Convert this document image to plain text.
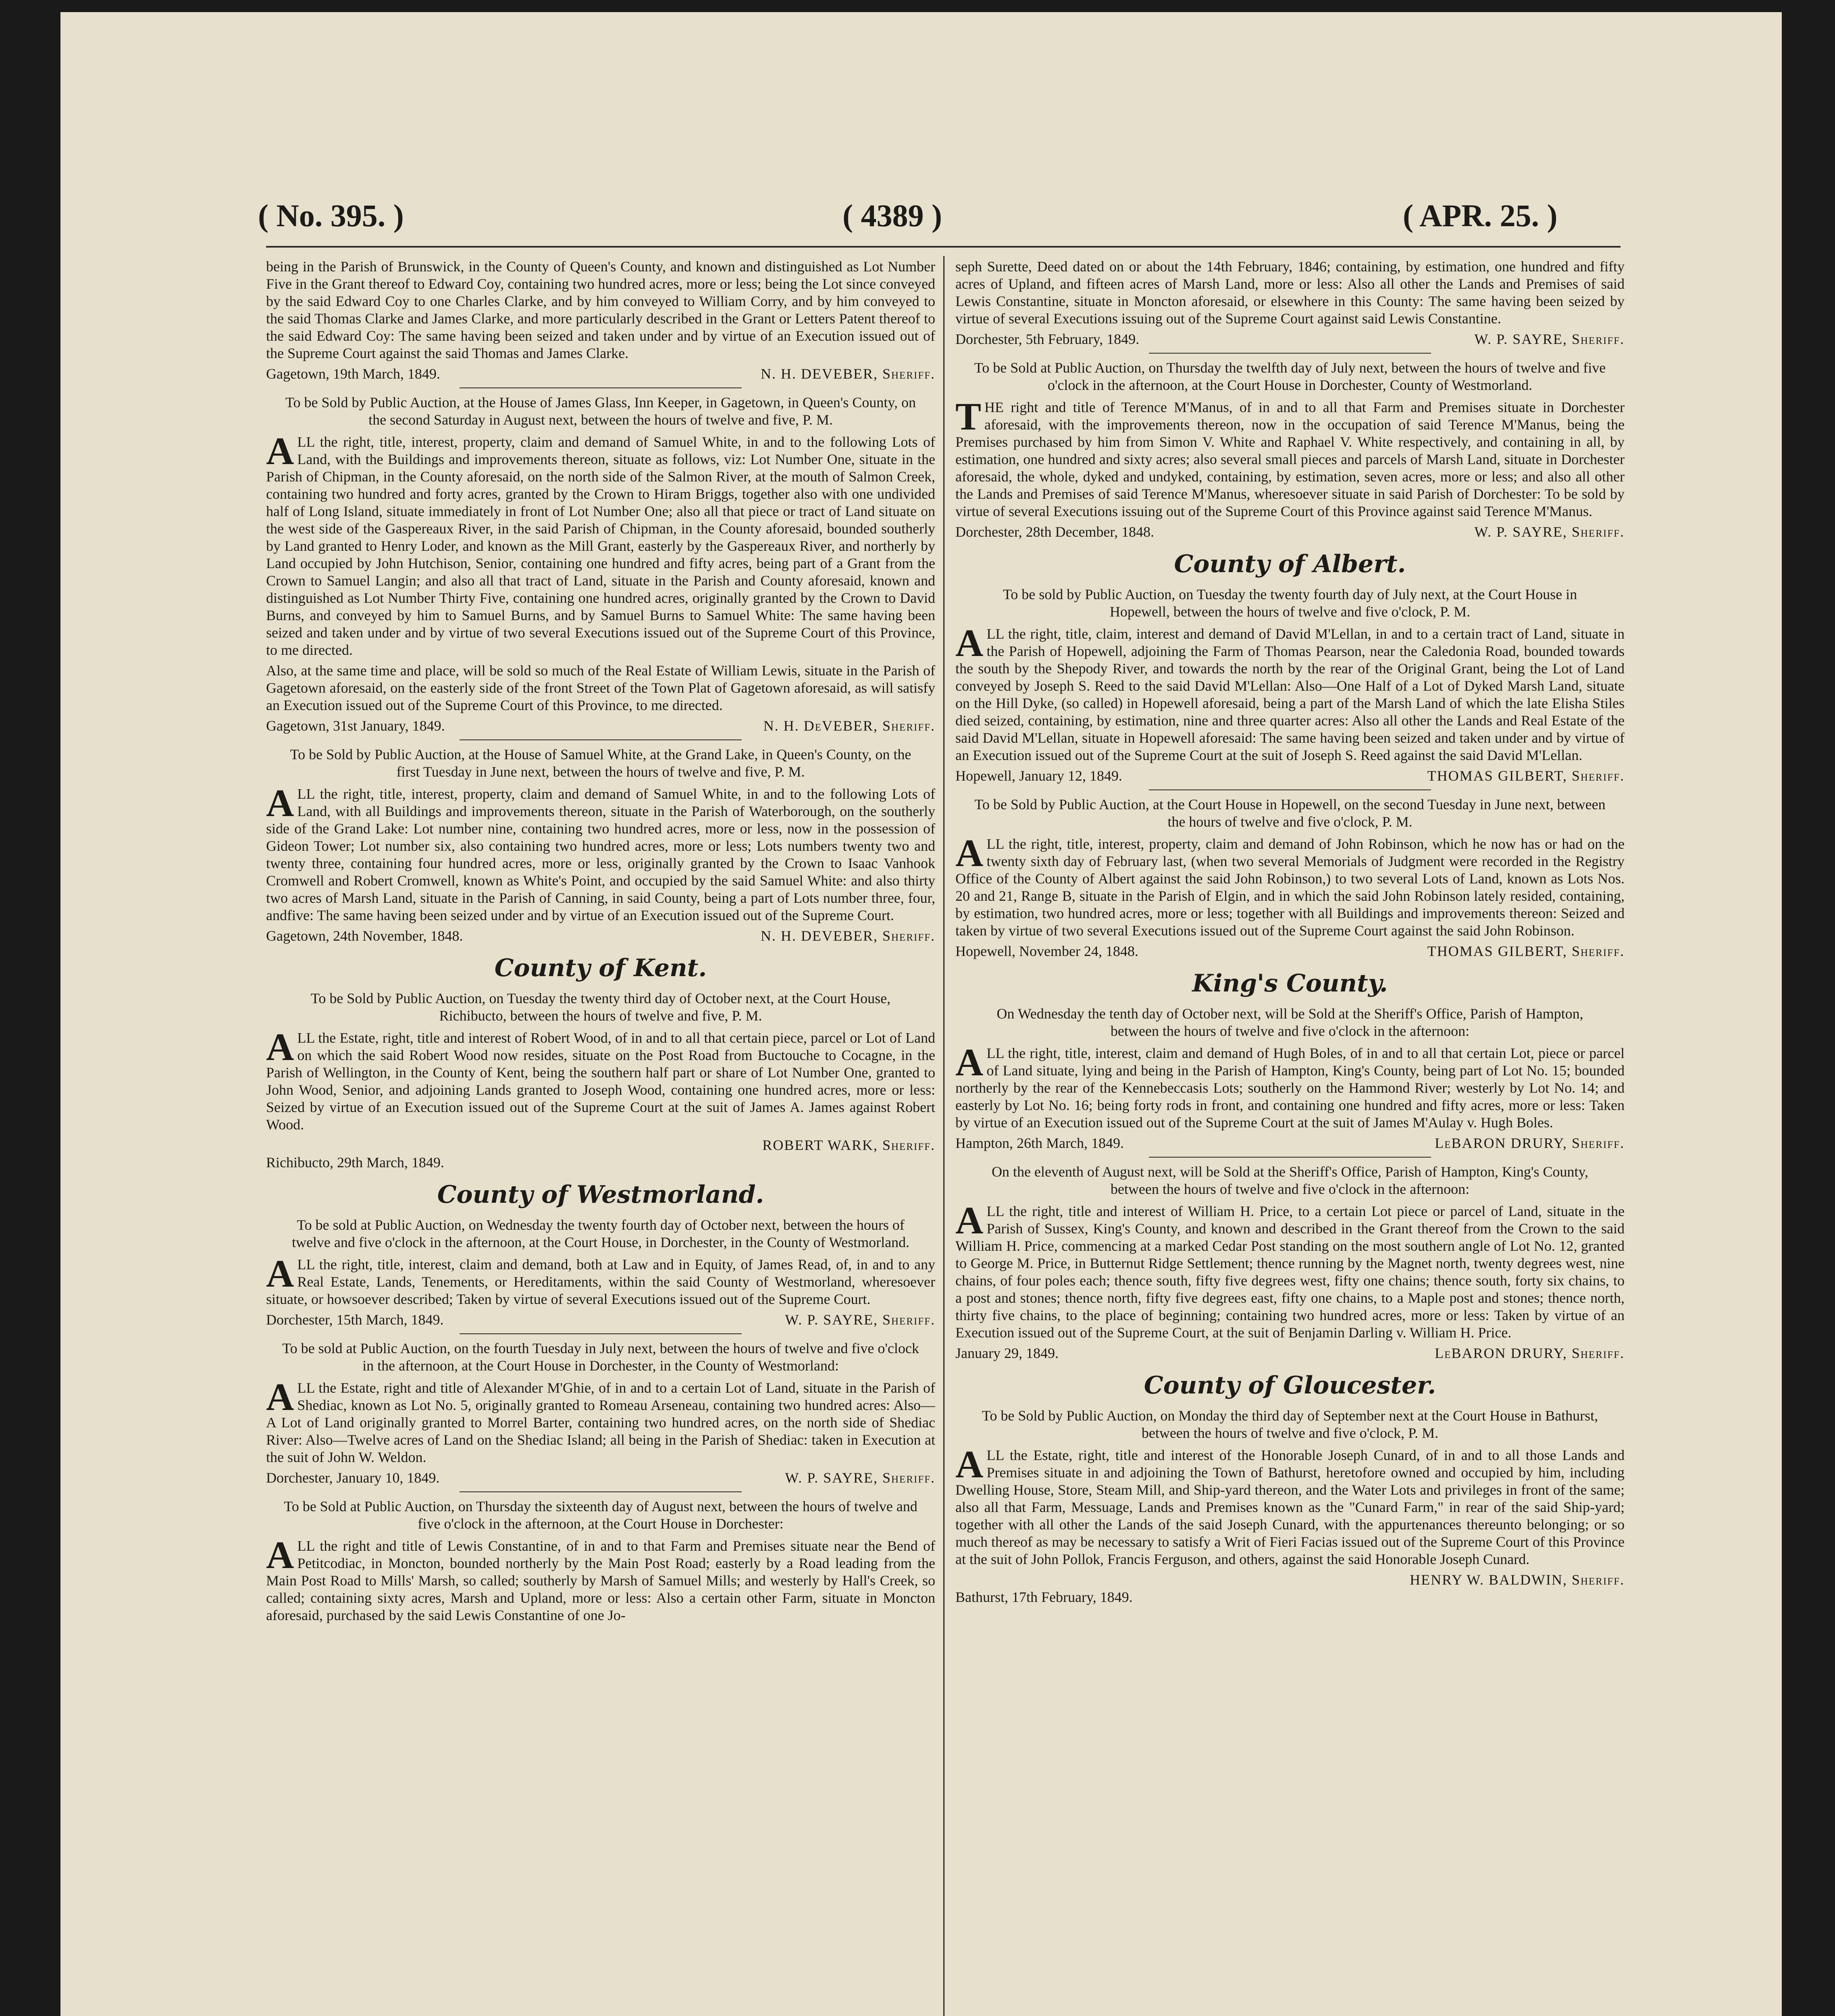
( No. 395. )	( 4389 )	( APR. 25. )
being in the Parish of Brunswick, in the County of Queen's County, and known and distinguished as Lot Number Five in the Grant thereof to Edward Coy, containing two hundred acres, more or less; being the Lot since conveyed by the said Edward Coy to one Charles Clarke, and by him conveyed to William Corry, and by him conveyed to the said Thomas Clarke and James Clarke, and more particularly described in the Grant or Letters Patent thereof to the said Edward Coy: The same having been seized and taken under and by virtue of an Execution issued out of the Supreme Court against the said Thomas and James Clarke.
Gagetown, 19th March, 1849.	N. H. DEVEBER, Sheriff.
To be Sold by Public Auction, at the House of James Glass, Inn Keeper, in Gagetown, in Queen's County, on the second Saturday in August next, between the hours of twelve and five, P. M.
ALL the right, title, interest, property, claim and demand of Samuel White, in and to the following Lots of Land, with the Buildings and improvements thereon, situate as follows, viz: Lot Number One, situate in the Parish of Chipman, in the County aforesaid, on the north side of the Salmon River, at the mouth of Salmon Creek, containing two hundred and forty acres, granted by the Crown to Hiram Briggs, together also with one undivided half of Long Island, situate immediately in front of Lot Number One; also all that piece or tract of Land situate on the west side of the Gaspereaux River, in the said Parish of Chipman, in the County aforesaid, bounded southerly by Land granted to Henry Loder, and known as the Mill Grant, easterly by the Gaspereaux River, and northerly by Land occupied by John Hutchison, Senior, containing one hundred and fifty acres, being part of a Grant from the Crown to Samuel Langin; and also all that tract of Land, situate in the Parish and County aforesaid, known and distinguished as Lot Number Thirty Five, containing one hundred acres, originally granted by the Crown to David Burns, and conveyed by him to Samuel Burns, and by Samuel Burns to Samuel White: The same having been seized and taken under and by virtue of two several Executions issued out of the Supreme Court of this Province, to me directed.
Also, at the same time and place, will be sold so much of the Real Estate of William Lewis, situate in the Parish of Gagetown aforesaid, on the easterly side of the front Street of the Town Plat of Gagetown aforesaid, as will satisfy an Execution issued out of the Supreme Court of this Province, to me directed.
Gagetown, 31st January, 1849.	N. H. DeVEBER, Sheriff.
To be Sold by Public Auction, at the House of Samuel White, at the Grand Lake, in Queen's County, on the first Tuesday in June next, between the hours of twelve and five, P. M.
ALL the right, title, interest, property, claim and demand of Samuel White, in and to the following Lots of Land, with all Buildings and improvements thereon, situate in the Parish of Waterborough, on the southerly side of the Grand Lake: Lot number nine, containing two hundred acres, more or less, now in the possession of Gideon Tower; Lot number six, also containing two hundred acres, more or less; Lots numbers twenty two and twenty three, containing four hundred acres, more or less, originally granted by the Crown to Isaac Vanhook Cromwell and Robert Cromwell, known as White's Point, and occupied by the said Samuel White: and also thirty two acres of Marsh Land, situate in the Parish of Canning, in said County, being a part of Lots number three, four, andfive: The same having been seized under and by virtue of an Execution issued out of the Supreme Court.
Gagetown, 24th November, 1848.	N. H. DEVEBER, Sheriff.
County of Kent.
To be Sold by Public Auction, on Tuesday the twenty third day of October next, at the Court House, Richibucto, between the hours of twelve and five, P. M.
ALL the Estate, right, title and interest of Robert Wood, of in and to all that certain piece, parcel or Lot of Land on which the said Robert Wood now resides, situate on the Post Road from Buctouche to Cocagne, in the Parish of Wellington, in the County of Kent, being the southern half part or share of Lot Number One, granted to John Wood, Senior, and adjoining Lands granted to Joseph Wood, containing one hundred acres, more or less: Seized by virtue of an Execution issued out of the Supreme Court at the suit of James A. James against Robert Wood.
ROBERT WARK, Sheriff.
Richibucto, 29th March, 1849.
County of Westmorland.
To be sold at Public Auction, on Wednesday the twenty fourth day of October next, between the hours of twelve and five o'clock in the afternoon, at the Court House, in Dorchester, in the County of Westmorland.
ALL the right, title, interest, claim and demand, both at Law and in Equity, of James Read, of, in and to any Real Estate, Lands, Tenements, or Hereditaments, within the said County of Westmorland, wheresoever situate, or howsoever described; Taken by virtue of several Executions issued out of the Supreme Court.
Dorchester, 15th March, 1849.	W. P. SAYRE, Sheriff.
To be sold at Public Auction, on the fourth Tuesday in July next, between the hours of twelve and five o'clock in the afternoon, at the Court House in Dorchester, in the County of Westmorland:
ALL the Estate, right and title of Alexander M'Ghie, of in and to a certain Lot of Land, situate in the Parish of Shediac, known as Lot No. 5, originally granted to Romeau Arseneau, containing two hundred acres: Also—A Lot of Land originally granted to Morrel Barter, containing two hundred acres, on the north side of Shediac River: Also—Twelve acres of Land on the Shediac Island; all being in the Parish of Shediac: taken in Execution at the suit of John W. Weldon.
Dorchester, January 10, 1849.	W. P. SAYRE, Sheriff.
To be Sold at Public Auction, on Thursday the sixteenth day of August next, between the hours of twelve and five o'clock in the afternoon, at the Court House in Dorchester:
ALL the right and title of Lewis Constantine, of in and to that Farm and Premises situate near the Bend of Petitcodiac, in Moncton, bounded northerly by the Main Post Road; easterly by a Road leading from the Main Post Road to Mills' Marsh, so called; southerly by Marsh of Samuel Mills; and westerly by Hall's Creek, so called; containing sixty acres, Marsh and Upland, more or less: Also a certain other Farm, situate in Moncton aforesaid, purchased by the said Lewis Constantine of one Jo-
seph Surette, Deed dated on or about the 14th February, 1846; containing, by estimation, one hundred and fifty acres of Upland, and fifteen acres of Marsh Land, more or less: Also all other the Lands and Premises of said Lewis Constantine, situate in Moncton aforesaid, or elsewhere in this County: The same having been seized by virtue of several Executions issuing out of the Supreme Court against said Lewis Constantine.
Dorchester, 5th February, 1849.	W. P. SAYRE, Sheriff.
To be Sold at Public Auction, on Thursday the twelfth day of July next, between the hours of twelve and five o'clock in the afternoon, at the Court House in Dorchester, County of Westmorland.
THE right and title of Terence M'Manus, of in and to all that Farm and Premises situate in Dorchester aforesaid, with the improvements thereon, now in the occupation of said Terence M'Manus, being the Premises purchased by him from Simon V. White and Raphael V. White respectively, and containing in all, by estimation, one hundred and sixty acres; also several small pieces and parcels of Marsh Land, situate in Dorchester aforesaid, the whole, dyked and undyked, containing, by estimation, seven acres, more or less; and also all other the Lands and Premises of said Terence M'Manus, wheresoever situate in said Parish of Dorchester: To be sold by virtue of several Executions issuing out of the Supreme Court of this Province against said Terence M'Manus.
Dorchester, 28th December, 1848.	W. P. SAYRE, Sheriff.
County of Albert.
To be sold by Public Auction, on Tuesday the twenty fourth day of July next, at the Court House in Hopewell, between the hours of twelve and five o'clock, P. M.
ALL the right, title, claim, interest and demand of David M'Lellan, in and to a certain tract of Land, situate in the Parish of Hopewell, adjoining the Farm of Thomas Pearson, near the Caledonia Road, bounded towards the south by the Shepody River, and towards the north by the rear of the Original Grant, being the Lot of Land conveyed by Joseph S. Reed to the said David M'Lellan: Also—One Half of a Lot of Dyked Marsh Land, situate on the Hill Dyke, (so called) in Hopewell aforesaid, being a part of the Marsh Land of which the late Elisha Stiles died seized, containing, by estimation, nine and three quarter acres: Also all other the Lands and Real Estate of the said David M'Lellan, situate in Hopewell aforesaid: The same having been seized and taken under and by virtue of an Execution issued out of the Supreme Court at the suit of Joseph S. Reed against the said David M'Lellan.
Hopewell, January 12, 1849.	THOMAS GILBERT, Sheriff.
To be Sold by Public Auction, at the Court House in Hopewell, on the second Tuesday in June next, between the hours of twelve and five o'clock, P. M.
ALL the right, title, interest, property, claim and demand of John Robinson, which he now has or had on the twenty sixth day of February last, (when two several Memorials of Judgment were recorded in the Registry Office of the County of Albert against the said John Robinson,) to two several Lots of Land, known as Lots Nos. 20 and 21, Range B, situate in the Parish of Elgin, and in which the said John Robinson lately resided, containing, by estimation, two hundred acres, more or less; together with all Buildings and improvements thereon: Seized and taken by virtue of two several Executions issued out of the Supreme Court against the said John Robinson.
Hopewell, November 24, 1848.	THOMAS GILBERT, Sheriff.
King's County.
On Wednesday the tenth day of October next, will be Sold at the Sheriff's Office, Parish of Hampton, between the hours of twelve and five o'clock in the afternoon:
ALL the right, title, interest, claim and demand of Hugh Boles, of in and to all that certain Lot, piece or parcel of Land situate, lying and being in the Parish of Hampton, King's County, being part of Lot No. 15; bounded northerly by the rear of the Kennebeccasis Lots; southerly on the Hammond River; westerly by Lot No. 14; and easterly by Lot No. 16; being forty rods in front, and containing one hundred and fifty acres, more or less: Taken by virtue of an Execution issued out of the Supreme Court at the suit of James M'Aulay v. Hugh Boles.
Hampton, 26th March, 1849.	LeBARON DRURY, Sheriff.
On the eleventh of August next, will be Sold at the Sheriff's Office, Parish of Hampton, King's County, between the hours of twelve and five o'clock in the afternoon:
ALL the right, title and interest of William H. Price, to a certain Lot piece or parcel of Land, situate in the Parish of Sussex, King's County, and known and described in the Grant thereof from the Crown to the said William H. Price, commencing at a marked Cedar Post standing on the most southern angle of Lot No. 12, granted to George M. Price, in Butternut Ridge Settlement; thence running by the Magnet north, twenty degrees west, nine chains, of four poles each; thence south, fifty five degrees west, fifty one chains; thence south, forty six chains, to a post and stones; thence north, fifty five degrees east, fifty one chains, to a Maple post and stones; thence north, thirty five chains, to the place of beginning; containing two hundred acres, more or less: Taken by virtue of an Execution issued out of the Supreme Court, at the suit of Benjamin Darling v. William H. Price.
January 29, 1849.	LeBARON DRURY, Sheriff.
County of Gloucester.
To be Sold by Public Auction, on Monday the third day of September next at the Court House in Bathurst, between the hours of twelve and five o'clock, P. M.
ALL the Estate, right, title and interest of the Honorable Joseph Cunard, of in and to all those Lands and Premises situate in and adjoining the Town of Bathurst, heretofore owned and occupied by him, including Dwelling House, Store, Steam Mill, and Ship-yard thereon, and the Water Lots and privileges in front of the same; also all that Farm, Messuage, Lands and Premises known as the "Cunard Farm," in rear of the said Ship-yard; together with all other the Lands of the said Joseph Cunard, with the appurtenances thereunto belonging; or so much thereof as may be necessary to satisfy a Writ of Fieri Facias issued out of the Supreme Court of this Province at the suit of John Pollok, Francis Ferguson, and others, against the said Honorable Joseph Cunard.
HENRY W. BALDWIN, Sheriff.
Bathurst, 17th February, 1849.
